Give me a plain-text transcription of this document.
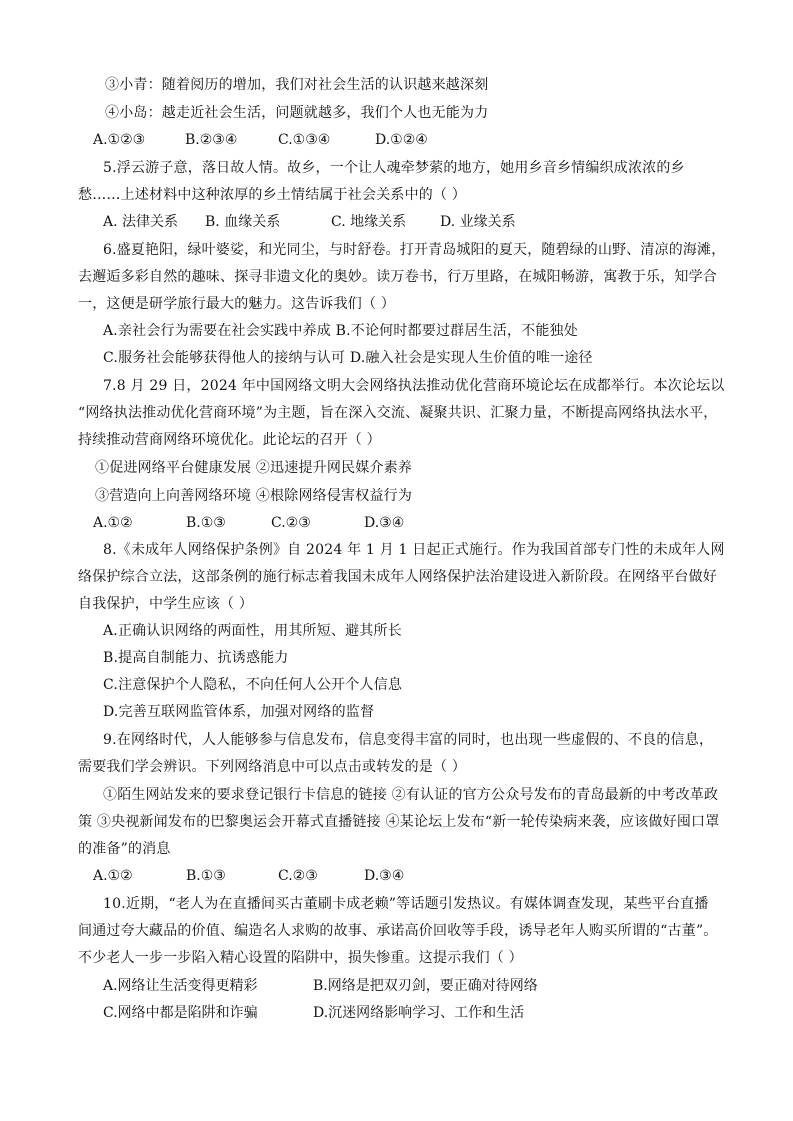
③小青：随着阅历的增加，我们对社会生活的认识越来越深刻
④小岛：越走近社会生活，问题就越多，我们个人也无能为力
A.①②③	B.②③④	C.①③④	D.①②④
5.浮云游子意，落日故人情。故乡，一个让人魂牵梦萦的地方，她用乡音乡情编织成浓浓的乡
愁……上述材料中这种浓厚的乡土情结属于社会关系中的（ ）
A. 法律关系 B. 血缘关系	C. 地缘关系 D. 业缘关系
6.盛夏艳阳，绿叶婆娑，和光同尘，与时舒卷。打开青岛城阳的夏天，随碧绿的山野、清凉的海滩，
去邂逅多彩自然的趣味、探寻非遗文化的奥妙。读万卷书，行万里路，在城阳畅游，寓教于乐，知学合
一，这便是研学旅行最大的魅力。这告诉我们（ ）
A.亲社会行为需要在社会实践中养成 B.不论何时都要过群居生活，不能独处
C.服务社会能够获得他人的接纳与认可 D.融入社会是实现人生价值的唯一途径
7.8 月 29 日，2024 年中国网络文明大会网络执法推动优化营商环境论坛在成都举行。本次论坛以
“网络执法推动优化营商环境”为主题，旨在深入交流、凝聚共识、汇聚力量，不断提高网络执法水平，
持续推动营商网络环境优化。此论坛的召开（ ）
①促进网络平台健康发展 ②迅速提升网民媒介素养
③营造向上向善网络环境 ④根除网络侵害权益行为
A.①②	B.①③	C.②③	D.③④
8.《未成年人网络保护条例》自 2024 年 1 月 1 日起正式施行。作为我国首部专门性的未成年人网
络保护综合立法，这部条例的施行标志着我国未成年人网络保护法治建设进入新阶段。在网络平台做好
自我保护，中学生应该（ ）
A.正确认识网络的两面性，用其所短、避其所长
B.提高自制能力、抗诱惑能力
C.注意保护个人隐私，不向任何人公开个人信息
D.完善互联网监管体系，加强对网络的监督
9.在网络时代，人人能够参与信息发布，信息变得丰富的同时，也出现一些虚假的、不良的信息，
需要我们学会辨识。下列网络消息中可以点击或转发的是（ ）
①陌生网站发来的要求登记银行卡信息的链接 ②有认证的官方公众号发布的青岛最新的中考改革政
策 ③央视新闻发布的巴黎奥运会开幕式直播链接 ④某论坛上发布“新一轮传染病来袭，应该做好囤口罩
的准备”的消息
A.①②	B.①③	C.②③	D.③④
10.近期，“老人为在直播间买古董刷卡成老赖”等话题引发热议。有媒体调查发现，某些平台直播
间通过夸大藏品的价值、编造名人求购的故事、承诺高价回收等手段，诱导老年人购买所谓的“古董”。
不少老人一步一步陷入精心设置的陷阱中，损失惨重。这提示我们（ ）
A.网络让生活变得更精彩	B.网络是把双刃剑，要正确对待网络
C.网络中都是陷阱和诈骗	D.沉迷网络影响学习、工作和生活
